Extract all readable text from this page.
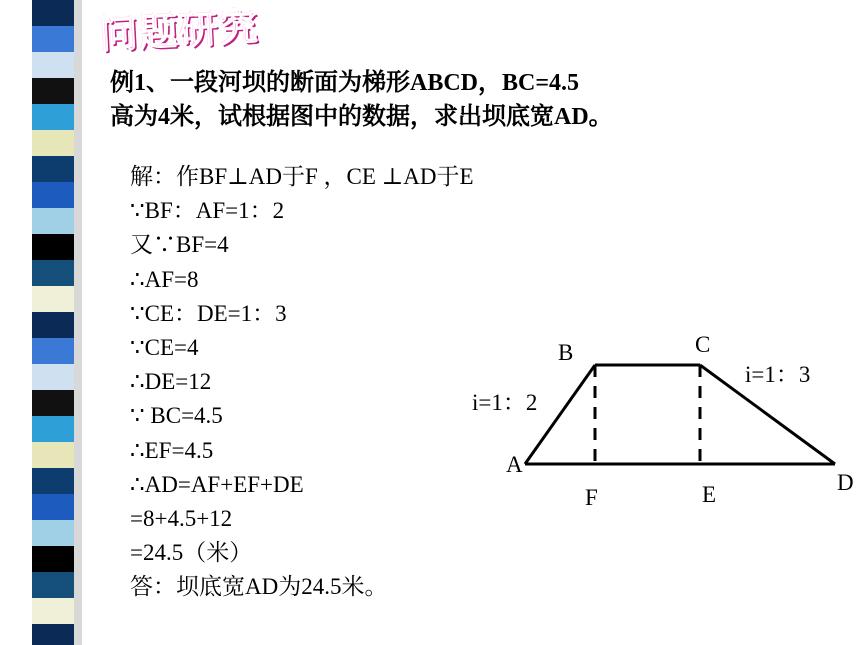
问题研究
例1、一段河坝的断面为梯形ABCD，BC=4.5
高为4米，试根据图中的数据，求出坝底宽AD。
解：作BF⊥AD于F ，CE ⊥AD于E
∵BF：AF=1：2
又∵BF=4
∴AF=8
∵CE：DE=1：3
∵CE=4
∴DE=12
∵ BC=4.5
∴EF=4.5
∴AD=AF+EF+DE
=8+4.5+12
=24.5（米）
答：坝底宽AD为24.5米。
A
B	C
D
F	E
i=1：2
i=1：3
